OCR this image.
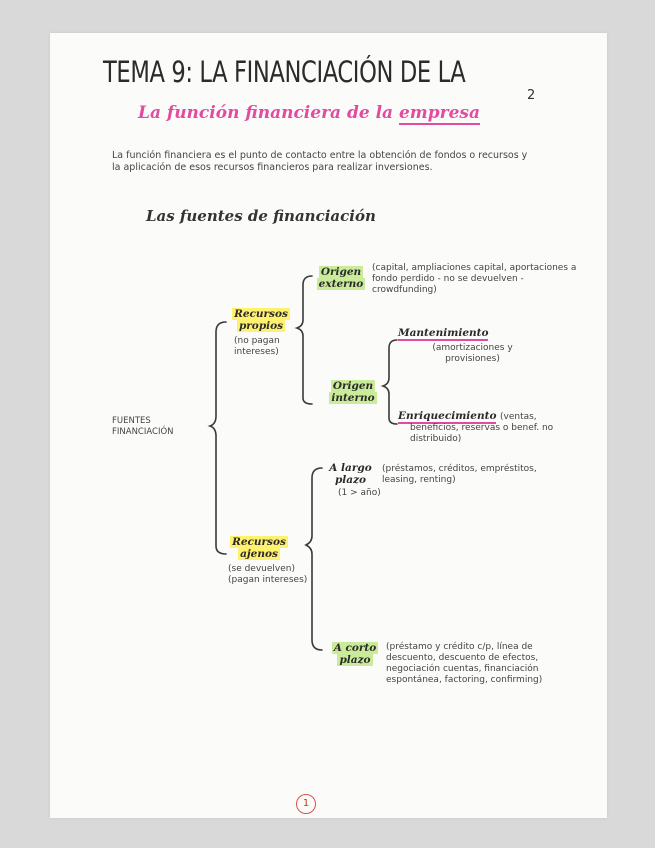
TEMA 9: LA FINANCIACIÓN DE LA
2
La función financiera de la empresa
La función financiera es el punto de contacto entre la obtención de fondos o recursos y la aplicación de esos recursos financieros para realizar inversiones.
Las fuentes de financiación
FUENTES
FINANCIACIÓN
Recursos
propios
(no pagan intereses)
Origen
externo
(capital, ampliaciones capital, aportaciones a fondo perdido - no se devuelven - crowdfunding)
Origen
interno
Mantenimiento
(amortizaciones y provisiones)
Enriquecimiento (ventas, beneficios, reservas o benef. no distribuido)
Recursos
ajenos
(se devuelven) (pagan intereses)
A largo
plazo
(1 > año)
(préstamos, créditos, empréstitos, leasing, renting)
A corto
plazo
(préstamo y crédito c/p, línea de descuento, descuento de efectos, negociación cuentas, financiación espontánea, factoring, confirming)
1
